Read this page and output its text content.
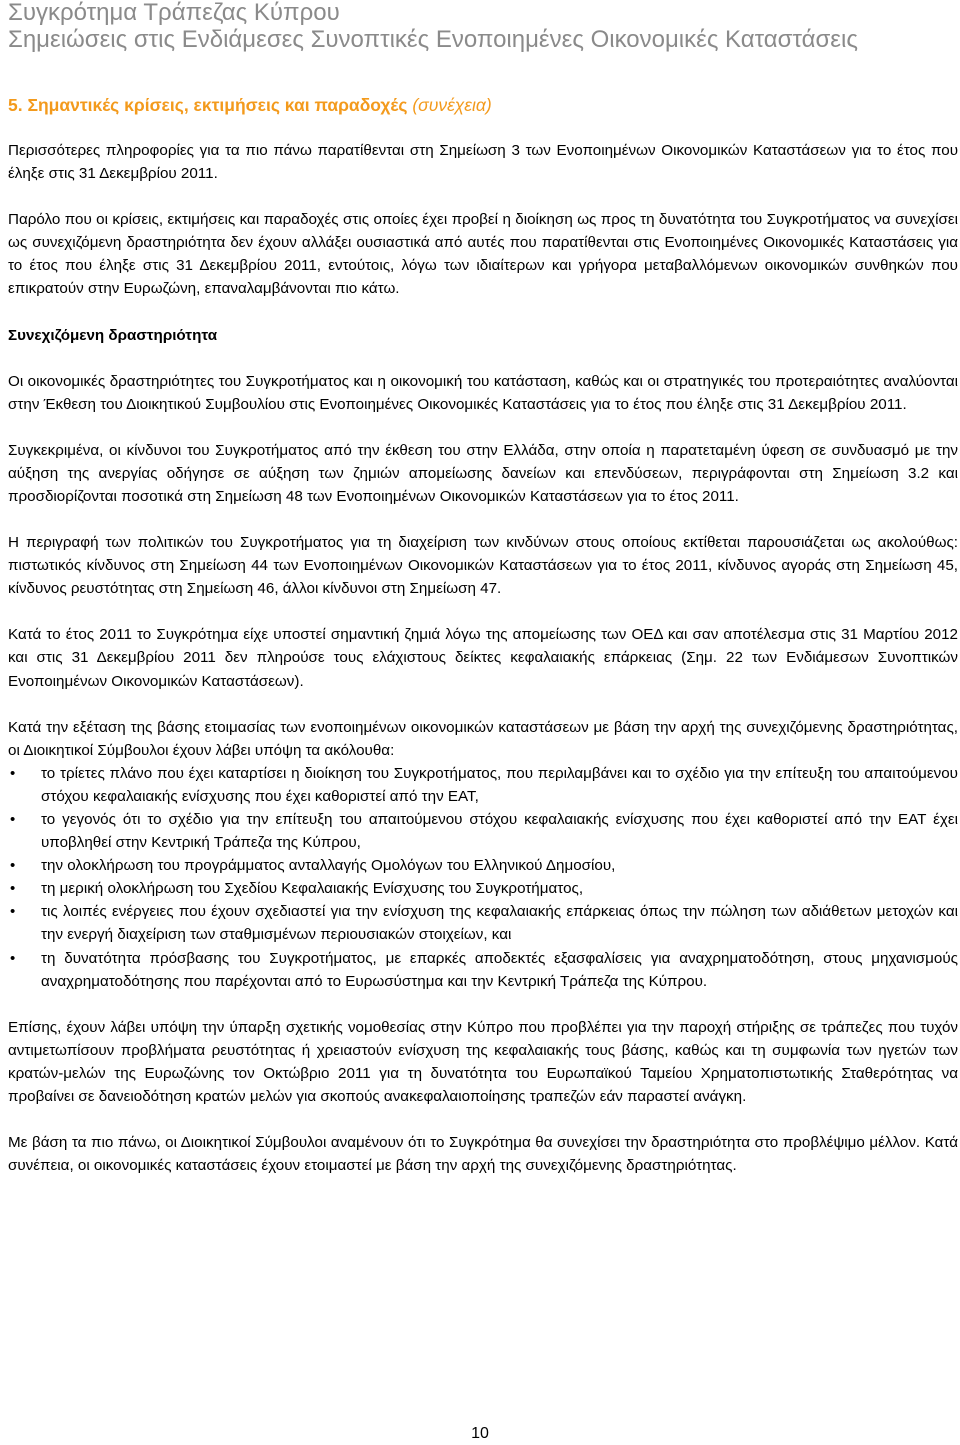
Συγκρότημα Τράπεζας Κύπρου
Σημειώσεις στις Ενδιάμεσες Συνοπτικές Ενοποιημένες Οικονομικές Καταστάσεις
5. Σημαντικές κρίσεις, εκτιμήσεις και παραδοχές (συνέχεια)

Περισσότερες πληροφορίες για τα πιο πάνω παρατίθενται στη Σημείωση 3 των Ενοποιημένων Οικονομικών Καταστάσεων για το έτος που έληξε στις 31 Δεκεμβρίου 2011.

Παρόλο που οι κρίσεις, εκτιμήσεις και παραδοχές στις οποίες έχει προβεί η διοίκηση ως προς τη δυνατότητα του Συγκροτήματος να συνεχίσει ως συνεχιζόμενη δραστηριότητα δεν έχουν αλλάξει ουσιαστικά από αυτές που παρατίθενται στις Ενοποιημένες Οικονομικές Καταστάσεις για το έτος που έληξε στις 31 Δεκεμβρίου 2011, εντούτοις, λόγω των ιδιαίτερων και γρήγορα μεταβαλλόμενων οικονομικών συνθηκών που επικρατούν στην Ευρωζώνη, επαναλαμβάνονται πιο κάτω.

Συνεχιζόμενη δραστηριότητα

Οι οικονομικές δραστηριότητες του Συγκροτήματος και η οικονομική του κατάσταση, καθώς και οι στρατηγικές του προτεραιότητες αναλύονται στην Έκθεση του Διοικητικού Συμβουλίου στις Ενοποιημένες Οικονομικές Καταστάσεις για το έτος που έληξε στις 31 Δεκεμβρίου 2011.

Συγκεκριμένα, οι κίνδυνοι του Συγκροτήματος από την έκθεση του στην Ελλάδα, στην οποία η παρατεταμένη ύφεση σε συνδυασμό με την αύξηση της ανεργίας οδήγησε σε αύξηση των ζημιών απομείωσης δανείων και επενδύσεων, περιγράφονται στη Σημείωση 3.2 και προσδιορίζονται ποσοτικά στη Σημείωση 48 των Ενοποιημένων Οικονομικών Καταστάσεων για το έτος 2011.

Η περιγραφή των πολιτικών του Συγκροτήματος για τη διαχείριση των κινδύνων στους οποίους εκτίθεται παρουσιάζεται ως ακολούθως: πιστωτικός κίνδυνος στη Σημείωση 44 των Ενοποιημένων Οικονομικών Καταστάσεων για το έτος 2011, κίνδυνος αγοράς στη Σημείωση 45, κίνδυνος ρευστότητας στη Σημείωση 46, άλλοι κίνδυνοι στη Σημείωση 47.

Κατά το έτος 2011 το Συγκρότημα είχε υποστεί σημαντική ζημιά λόγω της απομείωσης των ΟΕΔ και σαν αποτέλεσμα στις 31 Μαρτίου 2012 και στις 31 Δεκεμβρίου 2011 δεν πληρούσε τους ελάχιστους δείκτες κεφαλαιακής επάρκειας (Σημ. 22 των Ενδιάμεσων Συνοπτικών Ενοποιημένων Οικονομικών Καταστάσεων).

Κατά την εξέταση της βάσης ετοιμασίας των ενοποιημένων οικονομικών καταστάσεων με βάση την αρχή της συνεχιζόμενης δραστηριότητας, οι Διοικητικοί Σύμβουλοι έχουν λάβει υπόψη τα ακόλουθα:

• το τρίετες πλάνο που έχει καταρτίσει η διοίκηση του Συγκροτήματος, που περιλαμβάνει και το σχέδιο για την επίτευξη του απαιτούμενου στόχου κεφαλαιακής ενίσχυσης που έχει καθοριστεί από την ΕΑΤ,
• το γεγονός ότι το σχέδιο για την επίτευξη του απαιτούμενου στόχου κεφαλαιακής ενίσχυσης που έχει καθοριστεί από την ΕΑΤ έχει υποβληθεί στην Κεντρική Τράπεζα της Κύπρου,
• την ολοκλήρωση του προγράμματος ανταλλαγής Ομολόγων του Ελληνικού Δημοσίου,
• τη μερική ολοκλήρωση του Σχεδίου Κεφαλαιακής Ενίσχυσης του Συγκροτήματος,
• τις λοιπές ενέργειες που έχουν σχεδιαστεί για την ενίσχυση της κεφαλαιακής επάρκειας όπως την πώληση των αδιάθετων μετοχών και την ενεργή διαχείριση των σταθμισμένων περιουσιακών στοιχείων, και
• τη δυνατότητα πρόσβασης του Συγκροτήματος, με επαρκές αποδεκτές εξασφαλίσεις για αναχρηματοδότηση, στους μηχανισμούς αναχρηματοδότησης που παρέχονται από το Ευρωσύστημα και την Κεντρική Τράπεζα της Κύπρου.

Επίσης, έχουν λάβει υπόψη την ύπαρξη σχετικής νομοθεσίας στην Κύπρο που προβλέπει για την παροχή στήριξης σε τράπεζες που τυχόν αντιμετωπίσουν προβλήματα ρευστότητας ή χρειαστούν ενίσχυση της κεφαλαιακής τους βάσης, καθώς και τη συμφωνία των ηγετών των κρατών-μελών της Ευρωζώνης τον Οκτώβριο 2011 για τη δυνατότητα του Ευρωπαϊκού Ταμείου Χρηματοπιστωτικής Σταθερότητας να προβαίνει σε δανειοδότηση κρατών μελών για σκοπούς ανακεφαλαιοποίησης τραπεζών εάν παραστεί ανάγκη.

Με βάση τα πιο πάνω, οι Διοικητικοί Σύμβουλοι αναμένουν ότι το Συγκρότημα θα συνεχίσει την δραστηριότητα στο προβλέψιμο μέλλον. Κατά συνέπεια, οι οικονομικές καταστάσεις έχουν ετοιμαστεί με βάση την αρχή της συνεχιζόμενης δραστηριότητας.

10
